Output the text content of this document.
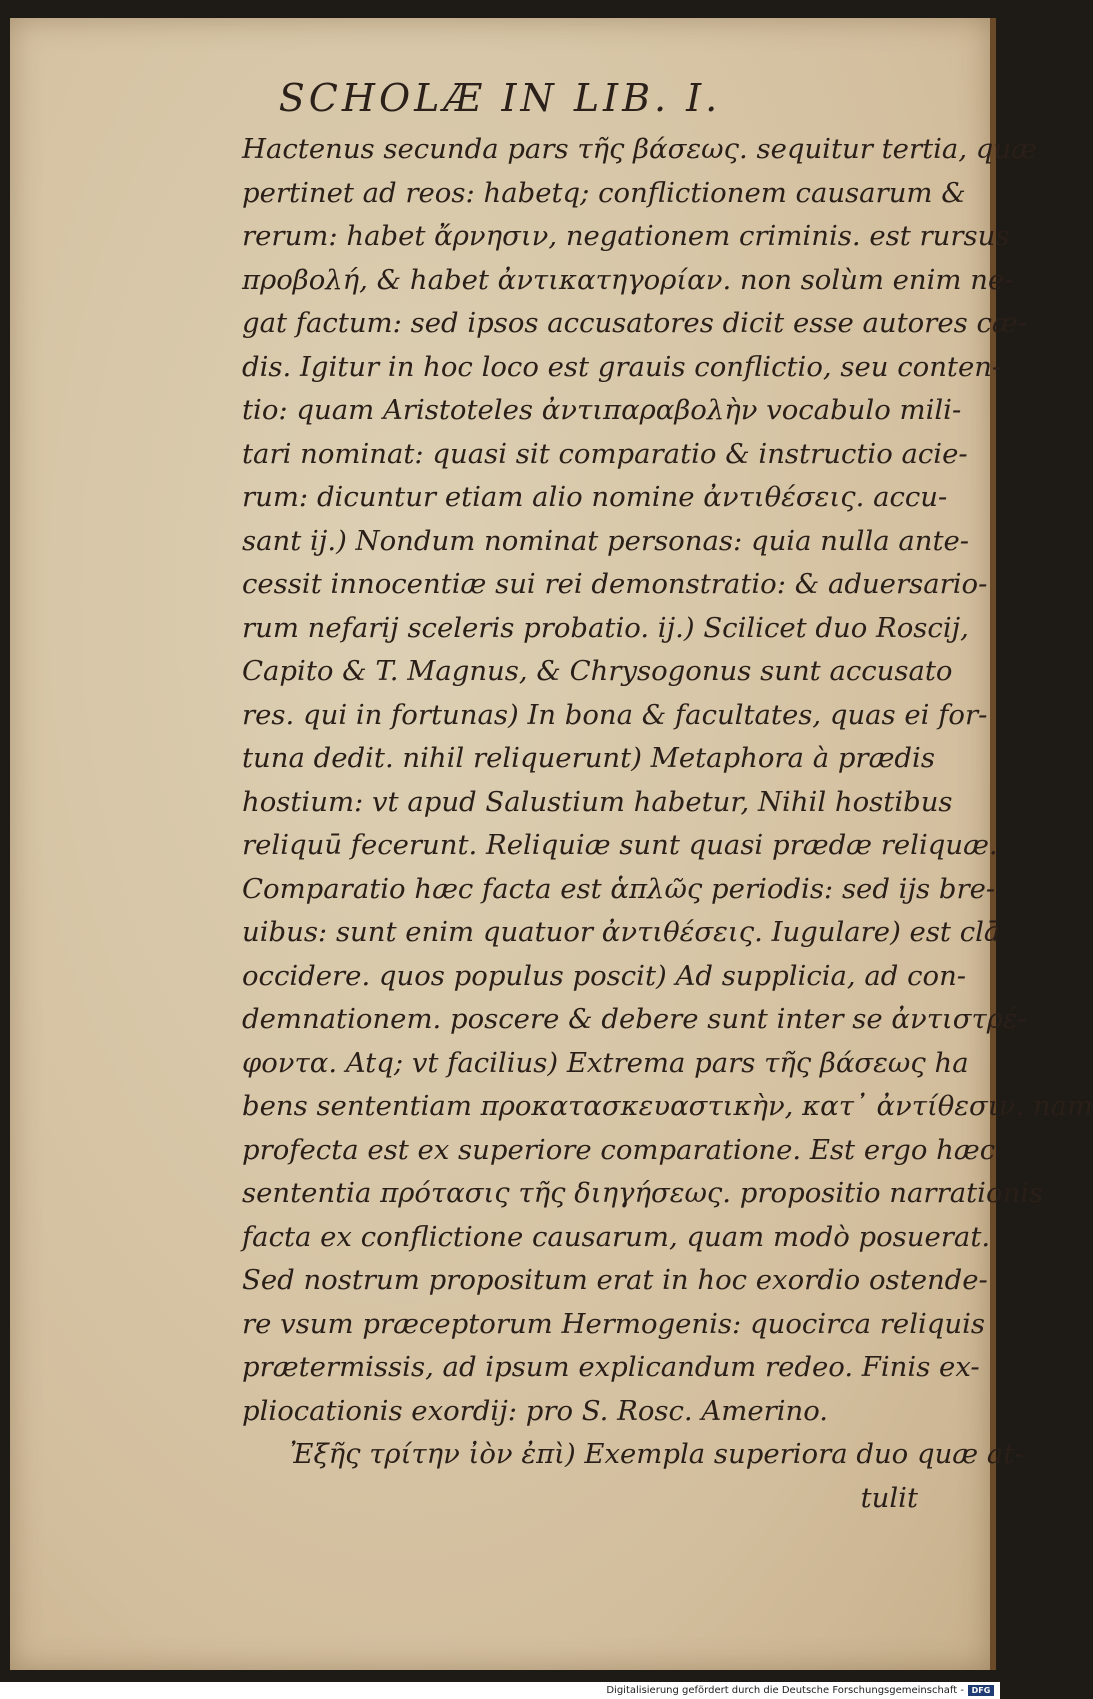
SCHOLÆ IN LIB. I.
Hactenus secunda pars τῆς βάσεως. sequitur tertia, quæ
pertinet ad reos: habetq; conflictionem causarum &
rerum: habet ἄρνησιν, negationem criminis. est rursus
προβολή, & habet ἀντικατηγορίαν. non solùm enim ne-
gat factum: sed ipsos accusatores dicit esse autores cæ-
dis. Igitur in hoc loco est grauis conflictio, seu conten-
tio: quam Aristoteles ἀντιπαραβολὴν vocabulo mili-
tari nominat: quasi sit comparatio & instructio acie-
rum: dicuntur etiam alio nomine ἀντιθέσεις. accu-
sant ij.) Nondum nominat personas: quia nulla ante-
cessit innocentiæ sui rei demonstratio: & aduersario-
rum nefarij sceleris probatio. ij.) Scilicet duo Roscij,
Capito & T. Magnus, & Chrysogonus sunt accusato
res. qui in fortunas) In bona & facultates, quas ei for-
tuna dedit. nihil reliquerunt) Metaphora à prædis
hostium: vt apud Salustium habetur, Nihil hostibus
reliquū fecerunt. Reliquiæ sunt quasi prædæ reliquæ.
Comparatio hæc facta est ἁπλῶς periodis: sed ijs bre-
uibus: sunt enim quatuor ἀντιθέσεις. Iugulare) est clā
occidere. quos populus poscit) Ad supplicia, ad con-
demnationem. poscere & debere sunt inter se ἀντιστρέ-
φοντα. Atq; vt facilius) Extrema pars τῆς βάσεως ha
bens sententiam προκατασκευαστικὴν, κατ᾽ ἀντίθεσιν. nam
profecta est ex superiore comparatione. Est ergo hæc
sententia πρότασις τῆς διηγήσεως. propositio narrationis
facta ex conflictione causarum, quam modò posuerat.
Sed nostrum propositum erat in hoc exordio ostende-
re vsum præceptorum Hermogenis: quocirca reliquis
prætermissis, ad ipsum explicandum redeo. Finis ex-
pliocationis exordij: pro S. Rosc. Amerino.
Ἐξῆς τρίτην ἰὸν ἐπὶ) Exempla superiora duo quæ at-
tulit
Digitalisierung gefördert durch die Deutsche Forschungsgemeinschaft - DFG
